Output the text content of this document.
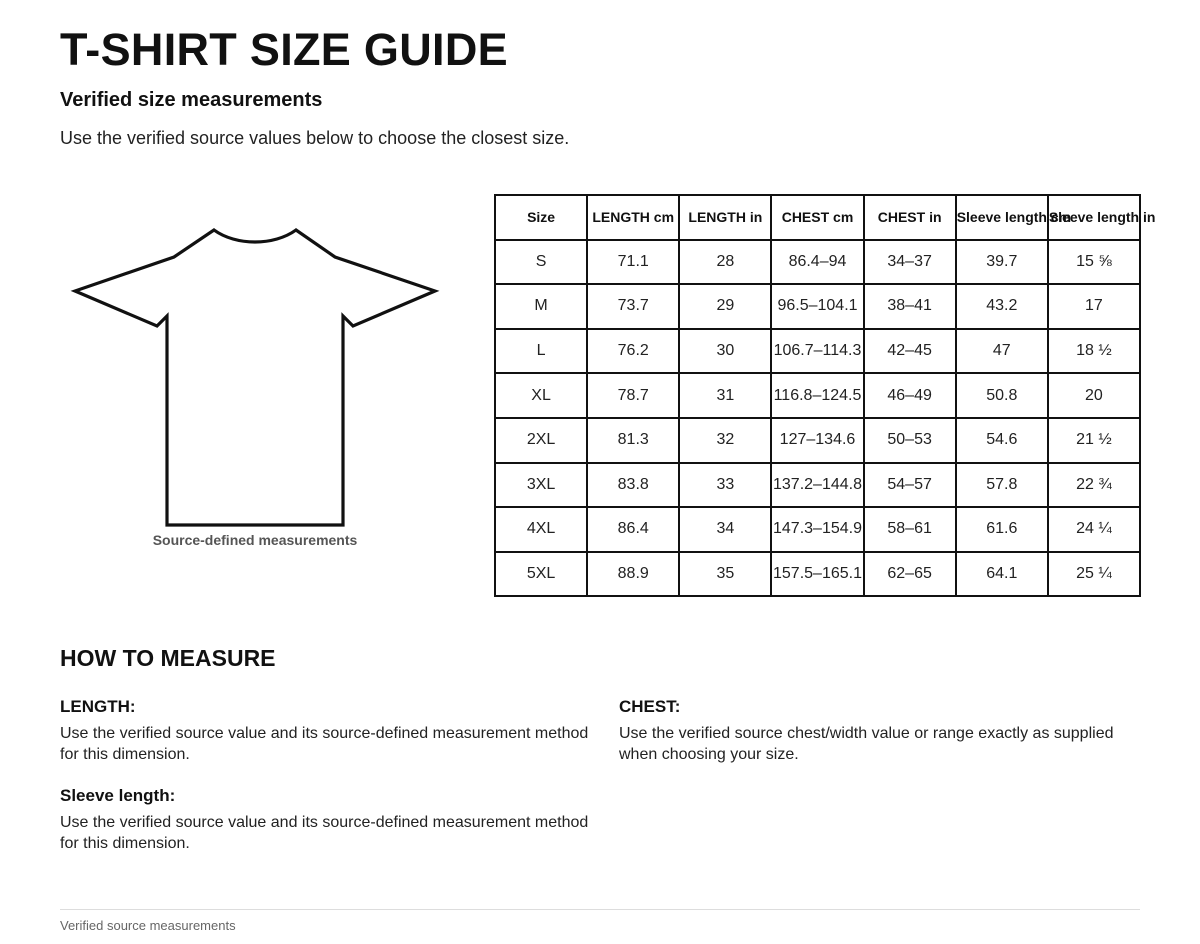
T-SHIRT SIZE GUIDE
Verified size measurements

Use the verified source values below to choose the closest size.

Source-defined measurements
Size	LENGTH cm	LENGTH in	CHEST cm	CHEST in	Sleeve length cm	Sleeve length in
S	71.1	28	86.4–94	34–37	39.7	15 ⅝
M	73.7	29	96.5–104.1	38–41	43.2	17
L	76.2	30	106.7–114.3	42–45	47	18 ½
XL	78.7	31	116.8–124.5	46–49	50.8	20
2XL	81.3	32	127–134.6	50–53	54.6	21 ½
3XL	83.8	33	137.2–144.8	54–57	57.8	22 ¾
4XL	86.4	34	147.3–154.9	58–61	61.6	24 ¼
5XL	88.9	35	157.5–165.1	62–65	64.1	25 ¼
HOW TO MEASURE
LENGTH:

Use the verified source value and its source-defined measurement method for this dimension.

CHEST:

Use the verified source chest/width value or range exactly as supplied when choosing your size.

Sleeve length:

Use the verified source value and its source-defined measurement method for this dimension.

Verified source measurements
